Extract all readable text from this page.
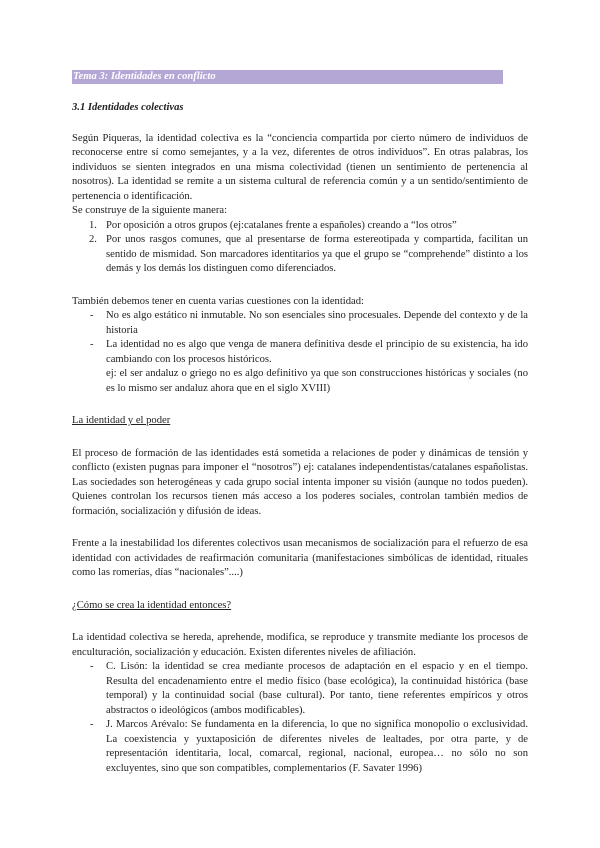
Tema 3: Identidades en conflicto
3.1 Identidades colectivas

Según Piqueras, la identidad colectiva es la “conciencia compartida por cierto número de individuos de reconocerse entre sí como semejantes, y a la vez, diferentes de otros individuos”. En otras palabras, los individuos se sienten integrados en una misma colectividad (tienen un sentimiento de pertenencia al nosotros). La identidad se remite a un sistema cultural de referencia común y a un sentido/sentimiento de pertenencia o identificación.

Se construye de la siguiente manera:

1. Por oposición a otros grupos (ej:catalanes frente a españoles) creando a “los otros”
2. Por unos rasgos comunes, que al presentarse de forma estereotipada y compartida, facilitan un sentido de mismidad. Son marcadores identitarios ya que el grupo se “comprehende” distinto a los demás y los demás los distinguen como diferenciados.

También debemos tener en cuenta varias cuestiones con la identidad:

- No es algo estático ni inmutable. No son esenciales sino procesuales. Depende del contexto y de la historia
- La identidad no es algo que venga de manera definitiva desde el principio de su existencia, ha ido cambiando con los procesos históricos.
ej: el ser andaluz o griego no es algo definitivo ya que son construcciones históricas y sociales (no es lo mismo ser andaluz ahora que en el siglo XVIII)

La identidad y el poder

El proceso de formación de las identidades está sometida a relaciones de poder y dinámicas de tensión y conflicto (existen pugnas para imponer el “nosotros”) ej: catalanes independentistas/catalanes españolistas. Las sociedades son heterogéneas y cada grupo social intenta imponer su visión (aunque no todos pueden). Quienes controlan los recursos tienen más acceso a los poderes sociales, controlan también medios de formación, socialización y difusión de ideas.

Frente a la inestabilidad los diferentes colectivos usan mecanismos de socialización para el refuerzo de esa identidad con actividades de reafirmación comunitaria (manifestaciones simbólicas de identidad, rituales como las romerías, días “nacionales”....)

¿Cómo se crea la identidad entonces?

La identidad colectiva se hereda, aprehende, modifica, se reproduce y transmite mediante los procesos de enculturación, socialización y educación. Existen diferentes niveles de afiliación.

- C. Lisón: la identidad se crea mediante procesos de adaptación en el espacio y en el tiempo. Resulta del encadenamiento entre el medio físico (base ecológica), la continuidad histórica (base temporal) y la continuidad social (base cultural). Por tanto, tiene referentes empíricos y otros abstractos o ideológicos (ambos modificables).
- J. Marcos Arévalo: Se fundamenta en la diferencia, lo que no significa monopolio o exclusividad. La coexistencia y yuxtaposición de diferentes niveles de lealtades, por otra parte, y de representación identitaria, local, comarcal, regional, nacional, europea… no sólo no son excluyentes, sino que son compatibles, complementarios (F. Savater 1996)
